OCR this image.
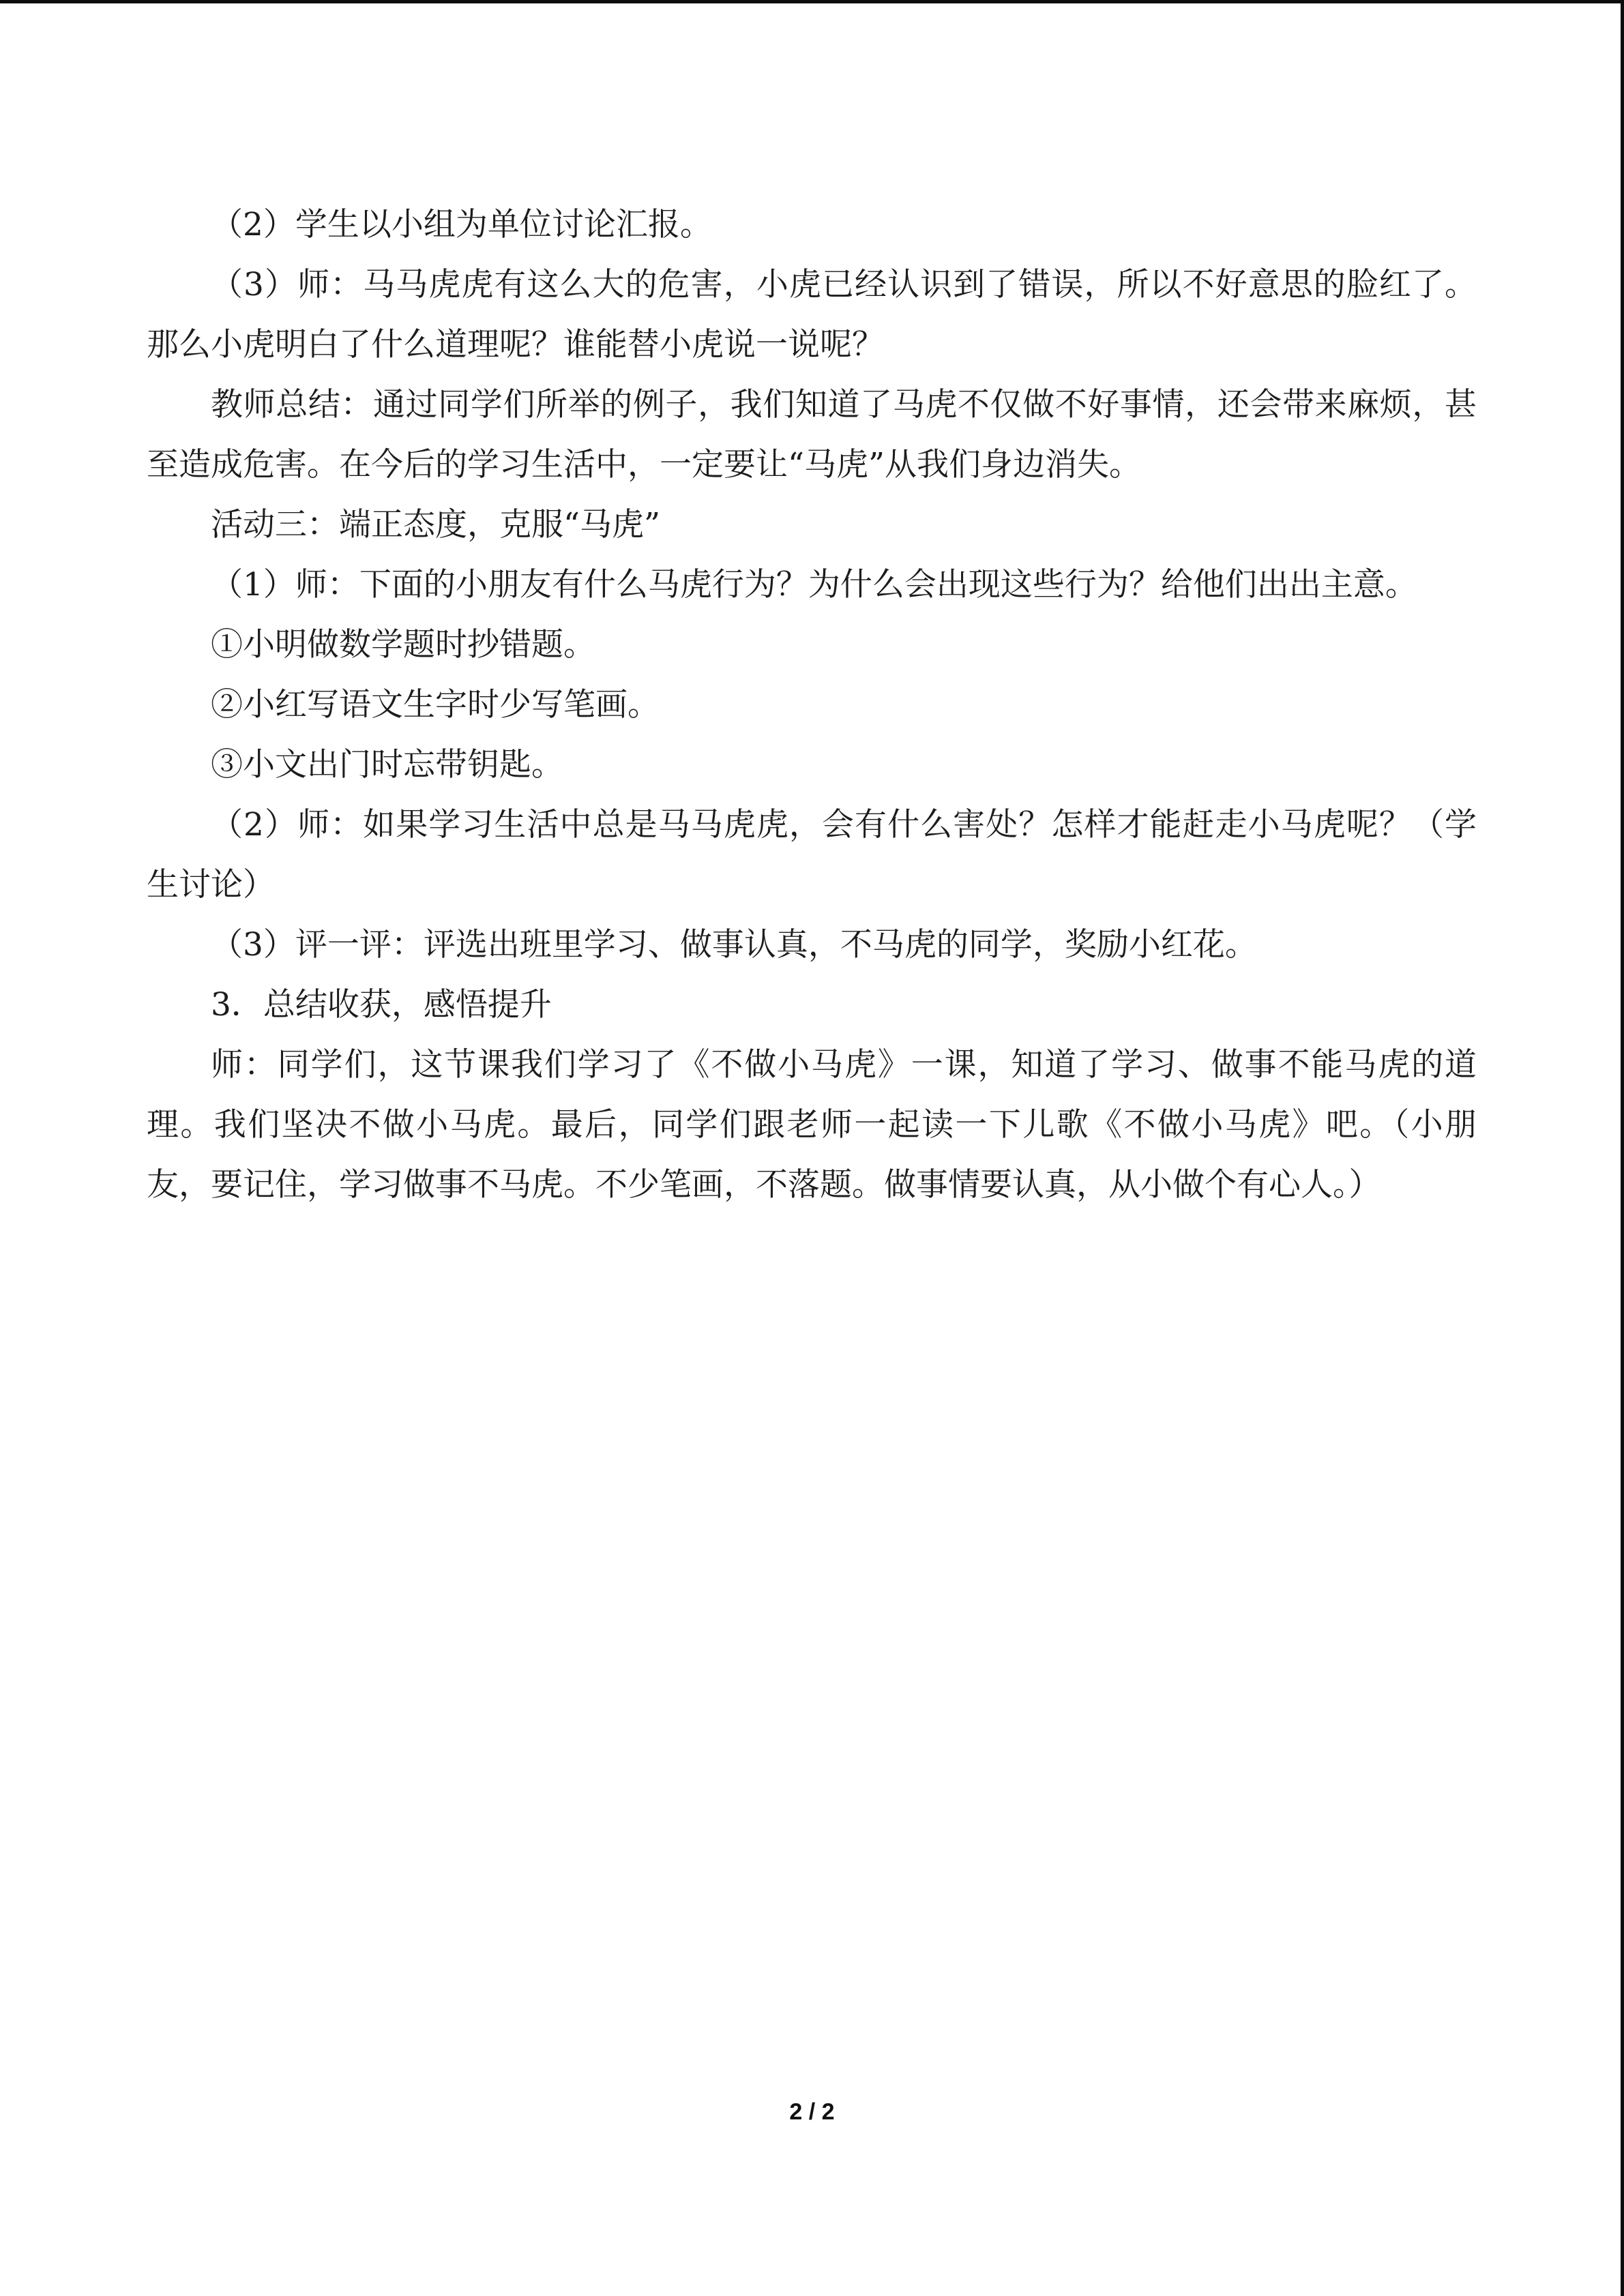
（2）学生以小组为单位讨论汇报。

（3）师：马马虎虎有这么大的危害，小虎已经认识到了错误，所以不好意思的脸红了。那么小虎明白了什么道理呢？谁能替小虎说一说呢？

教师总结：通过同学们所举的例子，我们知道了马虎不仅做不好事情，还会带来麻烦，甚至造成危害。在今后的学习生活中，一定要让“马虎”从我们身边消失。

活动三：端正态度，克服“马虎”

（1）师：下面的小朋友有什么马虎行为？为什么会出现这些行为？给他们出出主意。

①小明做数学题时抄错题。

②小红写语文生字时少写笔画。

③小文出门时忘带钥匙。

（2）师：如果学习生活中总是马马虎虎，会有什么害处？怎样才能赶走小马虎呢？（学生讨论）

（3）评一评：评选出班里学习、做事认真，不马虎的同学，奖励小红花。

3．总结收获，感悟提升

师：同学们，这节课我们学习了《不做小马虎》一课，知道了学习、做事不能马虎的道理。我们坚决不做小马虎。最后，同学们跟老师一起读一下儿歌《不做小马虎》吧。（小朋友，要记住，学习做事不马虎。不少笔画，不落题。做事情要认真，从小做个有心人。）

2 / 2
